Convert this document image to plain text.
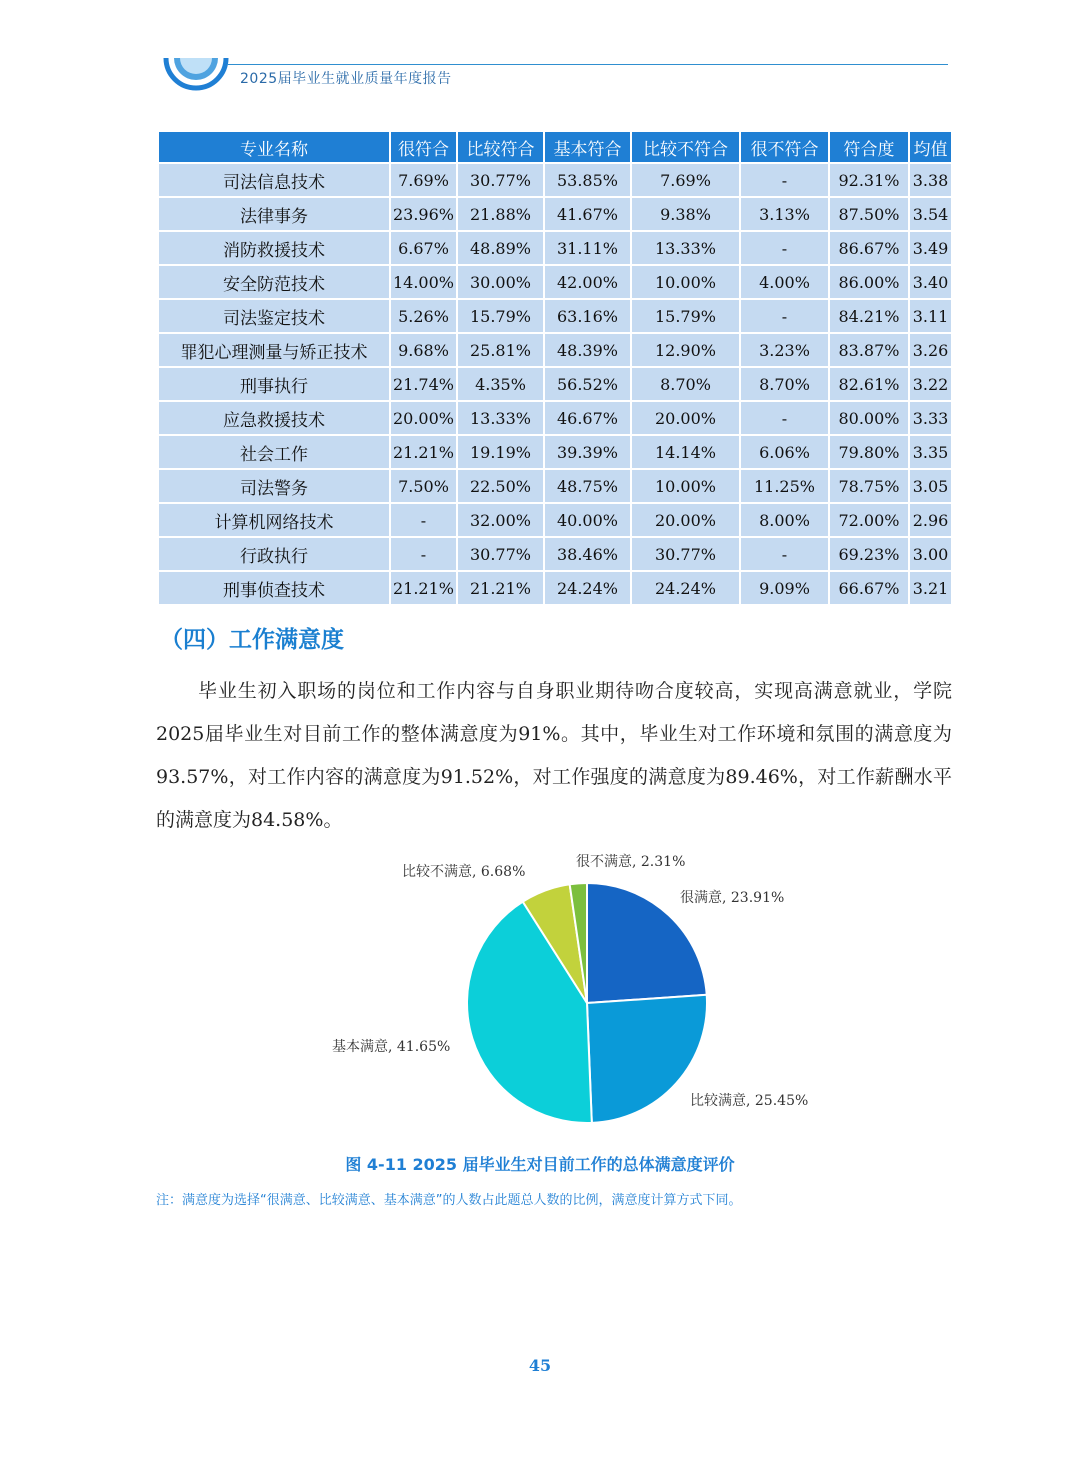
2025届毕业生就业质量年度报告
专业名称	很符合	比较符合	基本符合	比较不符合	很不符合	符合度	均值
司法信息技术	7.69%	30.77%	53.85%	7.69%	-	92.31%	3.38
法律事务	23.96%	21.88%	41.67%	9.38%	3.13%	87.50%	3.54
消防救援技术	6.67%	48.89%	31.11%	13.33%	-	86.67%	3.49
安全防范技术	14.00%	30.00%	42.00%	10.00%	4.00%	86.00%	3.40
司法鉴定技术	5.26%	15.79%	63.16%	15.79%	-	84.21%	3.11
罪犯心理测量与矫正技术	9.68%	25.81%	48.39%	12.90%	3.23%	83.87%	3.26
刑事执行	21.74%	4.35%	56.52%	8.70%	8.70%	82.61%	3.22
应急救援技术	20.00%	13.33%	46.67%	20.00%	-	80.00%	3.33
社会工作	21.21%	19.19%	39.39%	14.14%	6.06%	79.80%	3.35
司法警务	7.50%	22.50%	48.75%	10.00%	11.25%	78.75%	3.05
计算机网络技术	-	32.00%	40.00%	20.00%	8.00%	72.00%	2.96
行政执行	-	30.77%	38.46%	30.77%	-	69.23%	3.00
刑事侦查技术	21.21%	21.21%	24.24%	24.24%	9.09%	66.67%	3.21
（四）工作满意度
毕业生初入职场的岗位和工作内容与自身职业期待吻合度较高，实现高满意就业，学院2025届毕业生对目前工作的整体满意度为91%。其中，毕业生对工作环境和氛围的满意度为93.57%，对工作内容的满意度为91.52%，对工作强度的满意度为89.46%，对工作薪酬水平的满意度为84.58%。
很满意, 23.91%
比较满意, 25.45%
基本满意, 41.65%
比较不满意, 6.68%
很不满意, 2.31%
图 4-11 2025 届毕业生对目前工作的总体满意度评价
注：满意度为选择“很满意、比较满意、基本满意”的人数占此题总人数的比例，满意度计算方式下同。
45
